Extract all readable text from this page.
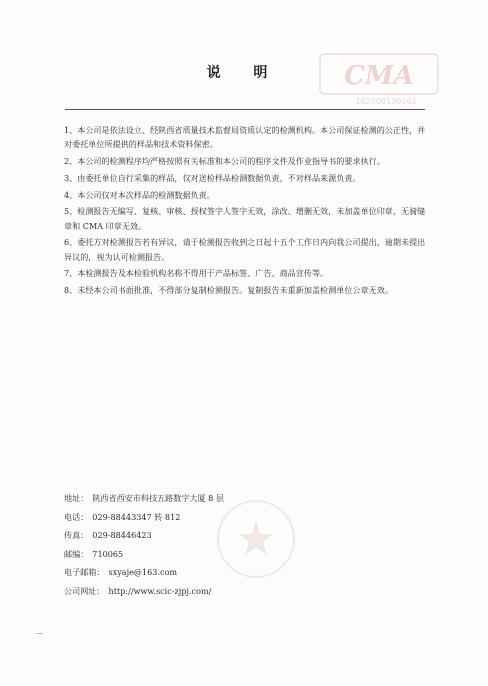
CMA
162700130261
说 明
1、本公司是依法设立、经陕西省质量技术监督局资质认定的检测机构。本公司保证检测的公正性，并对委托单位所提供的样品和技术资料保密。
2、本公司的检测程序均严格按照有关标准和本公司的程序文件及作业指导书的要求执行。
3、由委托单位自行采集的样品，仅对送检样品检测数据负责，不对样品来源负责。
4、本公司仅对本次样品的检测数据负责。
5、检测报告无编写、复核、审核、授权签字人签字无效，涂改、增删无效，未加盖单位印章、无骑缝章和 CMA 印章无效。
6、委托方对检测报告若有异议，请于检测报告收到之日起十五个工作日内向我公司提出，逾期未提出异议的，视为认可检测报告。
7、本检测报告及本检验机构名称不得用于产品标签、广告、商品宣传等。
8、未经本公司书面批准，不得部分复制检测报告。复制报告未重新加盖检测单位公章无效。
地址： 陕西省西安市科技五路数字大厦 8 层
电话： 029-88443347 转 812
传真： 029-88446423
邮编： 710065
电子邮箱： sxyaje@163.com
公司网址： http://www.scic-zjpj.com/
